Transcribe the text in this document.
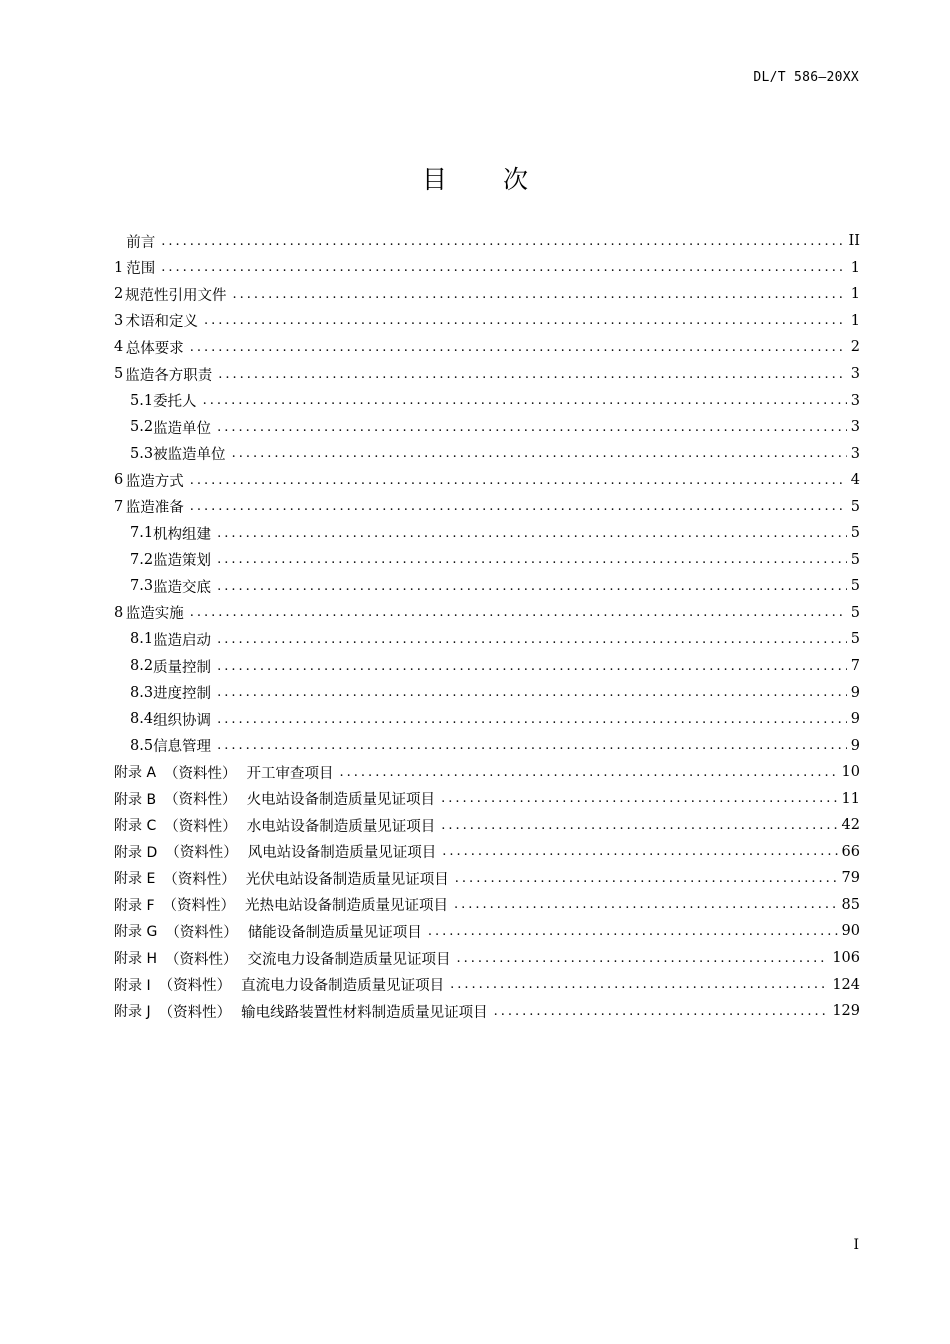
DL/T 586—20XX
目 次
前言 .....	II
1 范围 .....	1
2 规范性引用文件 .....	1
3 术语和定义 .....	1
4 总体要求 .....	2
5 监造各方职责 .....	3
5.1 委托人 .....	3
5.2 监造单位 .....	3
5.3 被监造单位 .....	3
6 监造方式 .....	4
7 监造准备 .....	5
7.1 机构组建 .....	5
7.2 监造策划 .....	5
7.3 监造交底 .....	5
8 监造实施 .....	5
8.1 监造启动 .....	5
8.2 质量控制 .....	7
8.3 进度控制 .....	9
8.4 组织协调 .....	9
8.5 信息管理 .....	9
附录 A （资料性） 开工审查项目 .....	10
附录 B （资料性） 火电站设备制造质量见证项目 .....	11
附录 C （资料性） 水电站设备制造质量见证项目 .....	42
附录 D （资料性） 风电站设备制造质量见证项目 .....	66
附录 E （资料性） 光伏电站设备制造质量见证项目 .....	79
附录 F （资料性） 光热电站设备制造质量见证项目 .....	85
附录 G （资料性） 储能设备制造质量见证项目 .....	90
附录 H （资料性） 交流电力设备制造质量见证项目 .....	106
附录 I （资料性） 直流电力设备制造质量见证项目 .....	124
附录 J （资料性） 输电线路装置性材料制造质量见证项目 .....	129
I
